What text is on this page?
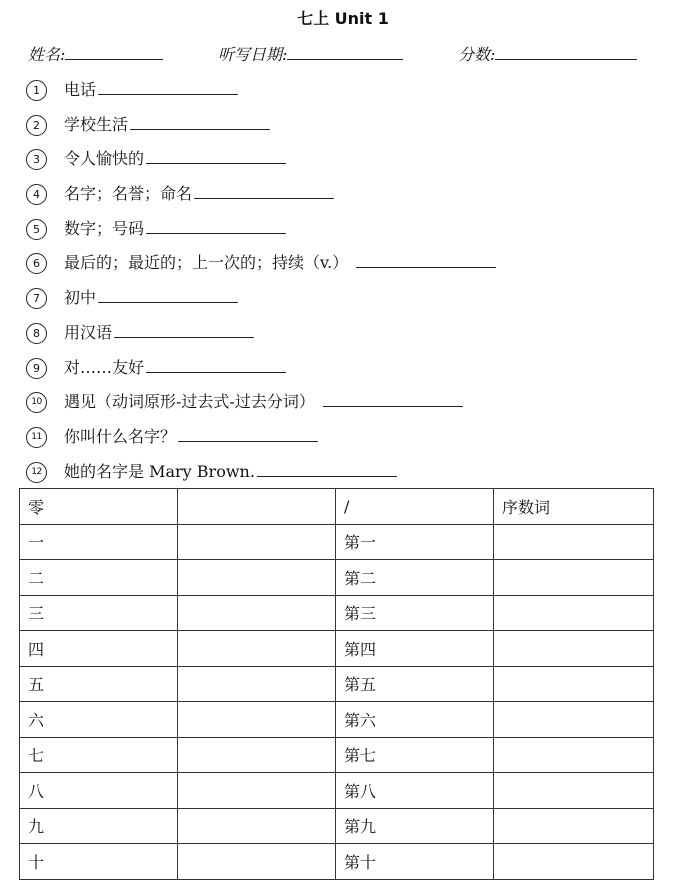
七上 Unit 1
姓名:	听写日期:	分数:
1 电话
2 学校生活
3 令人愉快的
4 名字；名誉；命名
5 数字；号码
6 最后的；最近的；上一次的；持续（v.）
7 初中
8 用汉语
9 对……友好
10 遇见（动词原形-过去式-过去分词）
11 你叫什么名字？
12 她的名字是 Mary Brown.
零		/	序数词
一		第一	
二		第二	
三		第三	
四		第四	
五		第五	
六		第六	
七		第七	
八		第八	
九		第九	
十		第十	
